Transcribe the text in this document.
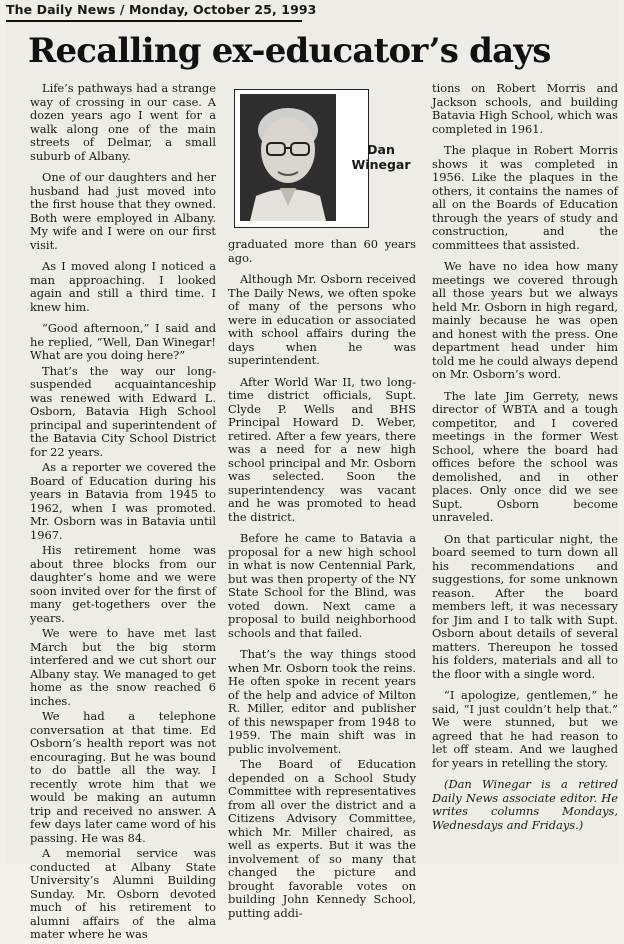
The Daily News / Monday, October 25, 1993
Recalling ex-educator’s days
Dan
Winegar

Life’s pathways had a strange way of crossing in our case. A dozen years ago I went for a walk along one of the main streets of Delmar, a small suburb of Albany.

One of our daughters and her husband had just moved into the first house that they owned. Both were employed in Albany. My wife and I were on our first visit.

As I moved along I noticed a man approaching. I looked again and still a third time. I knew him.

“Good afternoon,” I said and he replied, “Well, Dan Winegar! What are you doing here?”

That’s the way our long-suspended acquaintanceship was renewed with Edward L. Osborn, Batavia High School principal and superintendent of the Batavia City School District for 22 years.

As a reporter we covered the Board of Education during his years in Batavia from 1945 to 1962, when I was promoted. Mr. Osborn was in Batavia until 1967.

His retirement home was about three blocks from our daughter’s home and we were soon invited over for the first of many get-togethers over the years.

We were to have met last March but the big storm interfered and we cut short our Albany stay. We managed to get home as the snow reached 6 inches.

We had a telephone conversation at that time. Ed Osborn’s health report was not encouraging. But he was bound to do battle all the way. I recently wrote him that we would be making an autumn trip and received no answer. A few days later came word of his passing. He was 84.

A memorial service was conducted at Albany State University’s Alumni Building Sunday. Mr. Osborn devoted much of his retirement to alumni affairs of the alma mater where he was

graduated more than 60 years ago.

Although Mr. Osborn received The Daily News, we often spoke of many of the persons who were in education or associated with school affairs during the days when he was superintendent.

After World War II, two long-time district officials, Supt. Clyde P. Wells and BHS Principal Howard D. Weber, retired. After a few years, there was a need for a new high school principal and Mr. Osborn was selected. Soon the superintendency was vacant and he was promoted to head the district.

Before he came to Batavia a proposal for a new high school in what is now Centennial Park, but was then property of the NY State School for the Blind, was voted down. Next came a proposal to build neighborhood schools and that failed.

That’s the way things stood when Mr. Osborn took the reins. He often spoke in recent years of the help and advice of Milton R. Miller, editor and publisher of this newspaper from 1948 to 1959. The main shift was in public involvement.

The Board of Education depended on a School Study Committee with representatives from all over the district and a Citizens Advisory Committee, which Mr. Miller chaired, as well as experts. But it was the involvement of so many that changed the picture and brought favorable votes on building John Kennedy School, putting addi-

tions on Robert Morris and Jackson schools, and building Batavia High School, which was completed in 1961.

The plaque in Robert Morris shows it was completed in 1956. Like the plaques in the others, it contains the names of all on the Boards of Education through the years of study and construction, and the committees that assisted.

We have no idea how many meetings we covered through all those years but we always held Mr. Osborn in high regard, mainly because he was open and honest with the press. One department head under him told me he could always depend on Mr. Osborn’s word.

The late Jim Gerrety, news director of WBTA and a tough competitor, and I covered meetings in the former West School, where the board had offices before the school was demolished, and in other places. Only once did we see Supt. Osborn become unraveled.

On that particular night, the board seemed to turn down all his recommendations and suggestions, for some unknown reason. After the board members left, it was necessary for Jim and I to talk with Supt. Osborn about details of several matters. Thereupon he tossed his folders, materials and all to the floor with a single word.

“I apologize, gentlemen,” he said, “I just couldn’t help that.” We were stunned, but we agreed that he had reason to let off steam. And we laughed for years in retelling the story.

(Dan Winegar is a retired Daily News associate editor. He writes columns Mondays, Wednesdays and Fridays.)
